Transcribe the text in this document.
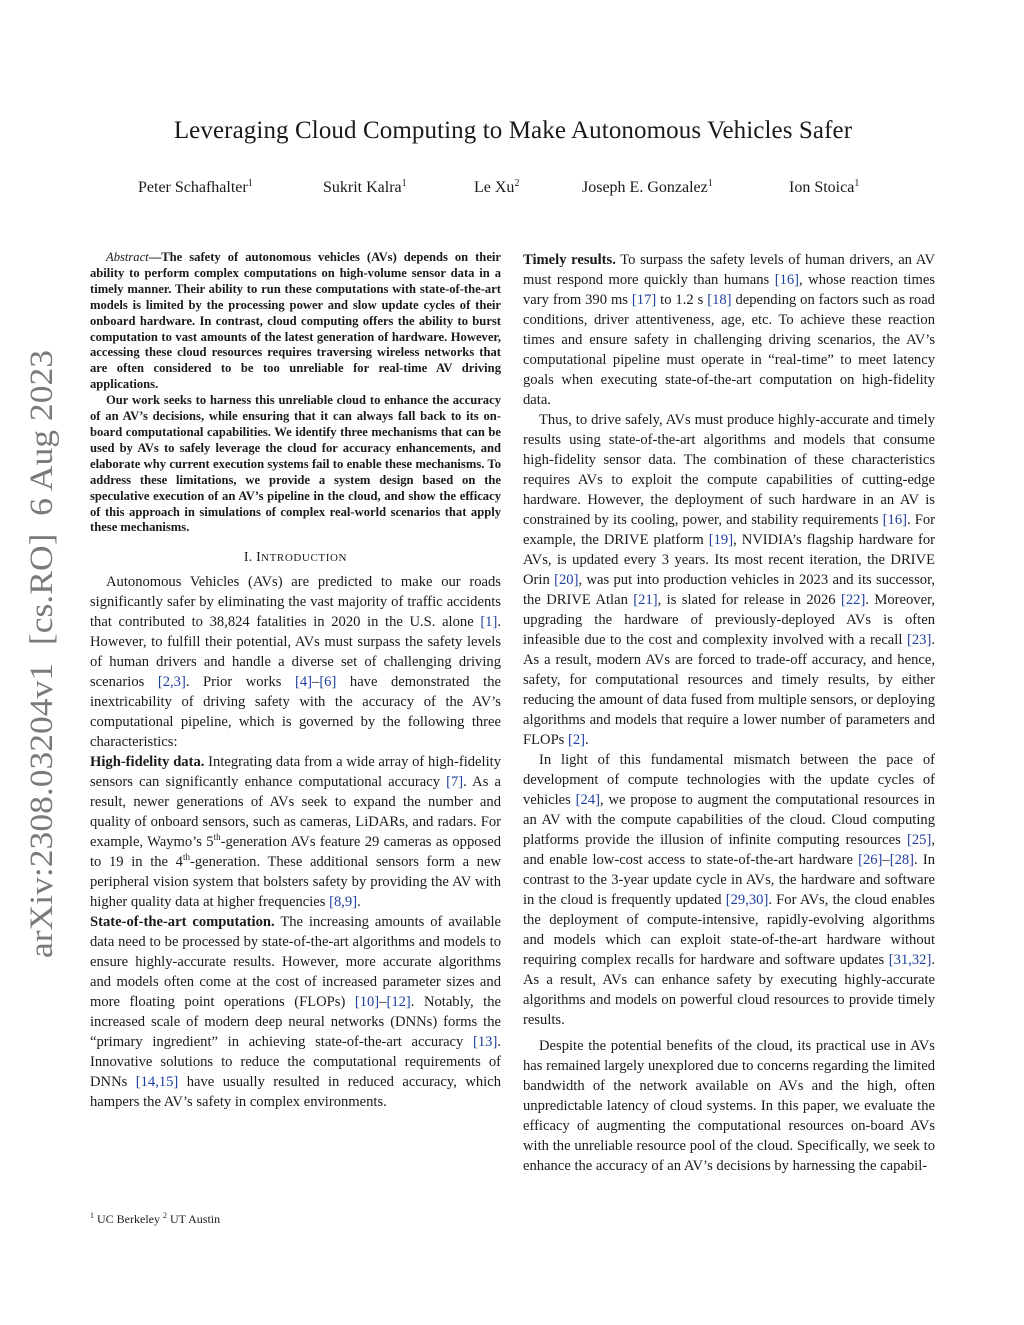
arXiv:2308.03204v1  [cs.RO]  6 Aug 2023
Leveraging Cloud Computing to Make Autonomous Vehicles Safer
Peter Schafhalter$^1$	Sukrit Kalra$^1$	Le Xu$^2$	Joseph E. Gonzalez$^1$	Ion Stoica$^1$

Abstract—The safety of autonomous vehicles (AVs) depends on their ability to perform complex computations on high-volume sensor data in a timely manner. Their ability to run these computations with state-of-the-art models is limited by the processing power and slow update cycles of their onboard hardware. In contrast, cloud computing offers the ability to burst computation to vast amounts of the latest generation of hardware. However, accessing these cloud resources requires traversing wireless networks that are often considered to be too unreliable for real-time AV driving applications.

Our work seeks to harness this unreliable cloud to enhance the accuracy of an AV’s decisions, while ensuring that it can always fall back to its on-board computational capabilities. We identify three mechanisms that can be used by AVs to safely leverage the cloud for accuracy enhancements, and elaborate why current execution systems fail to enable these mechanisms. To address these limitations, we provide a system design based on the speculative execution of an AV’s pipeline in the cloud, and show the efficacy of this approach in simulations of complex real-world scenarios that apply these mechanisms.

I. INTRODUCTION

Autonomous Vehicles (AVs) are predicted to make our roads significantly safer by eliminating the vast majority of traffic accidents that contributed to 38,824 fatalities in 2020 in the U.S. alone [1]. However, to fulfill their potential, AVs must surpass the safety levels of human drivers and handle a diverse set of challenging driving scenarios [2,3]. Prior works [4]–[6] have demonstrated the inextricability of driving safety with the accuracy of the AV’s computational pipeline, which is governed by the following three characteristics:

High-fidelity data. Integrating data from a wide array of high-fidelity sensors can significantly enhance computational accuracy [7]. As a result, newer generations of AVs seek to expand the number and quality of onboard sensors, such as cameras, LiDARs, and radars. For example, Waymo’s 5th-generation AVs feature 29 cameras as opposed to 19 in the 4th-generation. These additional sensors form a new peripheral vision system that bolsters safety by providing the AV with higher quality data at higher frequencies [8,9].

State-of-the-art computation. The increasing amounts of available data need to be processed by state-of-the-art algorithms and models to ensure highly-accurate results. However, more accurate algorithms and models often come at the cost of increased parameter sizes and more floating point operations (FLOPs) [10]–[12]. Notably, the increased scale of modern deep neural networks (DNNs) forms the “primary ingredient” in achieving state-of-the-art accuracy [13]. Innovative solutions to reduce the computational requirements of DNNs [14,15] have usually resulted in reduced accuracy, which hampers the AV’s safety in complex environments.

$^1$ UC Berkeley $^2$ UT Austin

Timely results. To surpass the safety levels of human drivers, an AV must respond more quickly than humans [16], whose reaction times vary from 390 ms [17] to 1.2 s [18] depending on factors such as road conditions, driver attentiveness, age, etc. To achieve these reaction times and ensure safety in challenging driving scenarios, the AV’s computational pipeline must operate in “real-time” to meet latency goals when executing state-of-the-art computation on high-fidelity data.

Thus, to drive safely, AVs must produce highly-accurate and timely results using state-of-the-art algorithms and models that consume high-fidelity sensor data. The combination of these characteristics requires AVs to exploit the compute capabilities of cutting-edge hardware. However, the deployment of such hardware in an AV is constrained by its cooling, power, and stability requirements [16]. For example, the DRIVE platform [19], NVIDIA’s flagship hardware for AVs, is updated every 3 years. Its most recent iteration, the DRIVE Orin [20], was put into production vehicles in 2023 and its successor, the DRIVE Atlan [21], is slated for release in 2026 [22]. Moreover, upgrading the hardware of previously-deployed AVs is often infeasible due to the cost and complexity involved with a recall [23]. As a result, modern AVs are forced to trade-off accuracy, and hence, safety, for computational resources and timely results, by either reducing the amount of data fused from multiple sensors, or deploying algorithms and models that require a lower number of parameters and FLOPs [2].

In light of this fundamental mismatch between the pace of development of compute technologies with the update cycles of vehicles [24], we propose to augment the computational resources in an AV with the compute capabilities of the cloud. Cloud computing platforms provide the illusion of infinite computing resources [25], and enable low-cost access to state-of-the-art hardware [26]–[28]. In contrast to the 3-year update cycle in AVs, the hardware and software in the cloud is frequently updated [29,30]. For AVs, the cloud enables the deployment of compute-intensive, rapidly-evolving algorithms and models which can exploit state-of-the-art hardware without requiring complex recalls for hardware and software updates [31,32]. As a result, AVs can enhance safety by executing highly-accurate algorithms and models on powerful cloud resources to provide timely results.

Despite the potential benefits of the cloud, its practical use in AVs has remained largely unexplored due to concerns regarding the limited bandwidth of the network available on AVs and the high, often unpredictable latency of cloud systems. In this paper, we evaluate the efficacy of augmenting the computational resources on-board AVs with the unreliable resource pool of the cloud. Specifically, we seek to enhance the accuracy of an AV’s decisions by harnessing the capabil-
